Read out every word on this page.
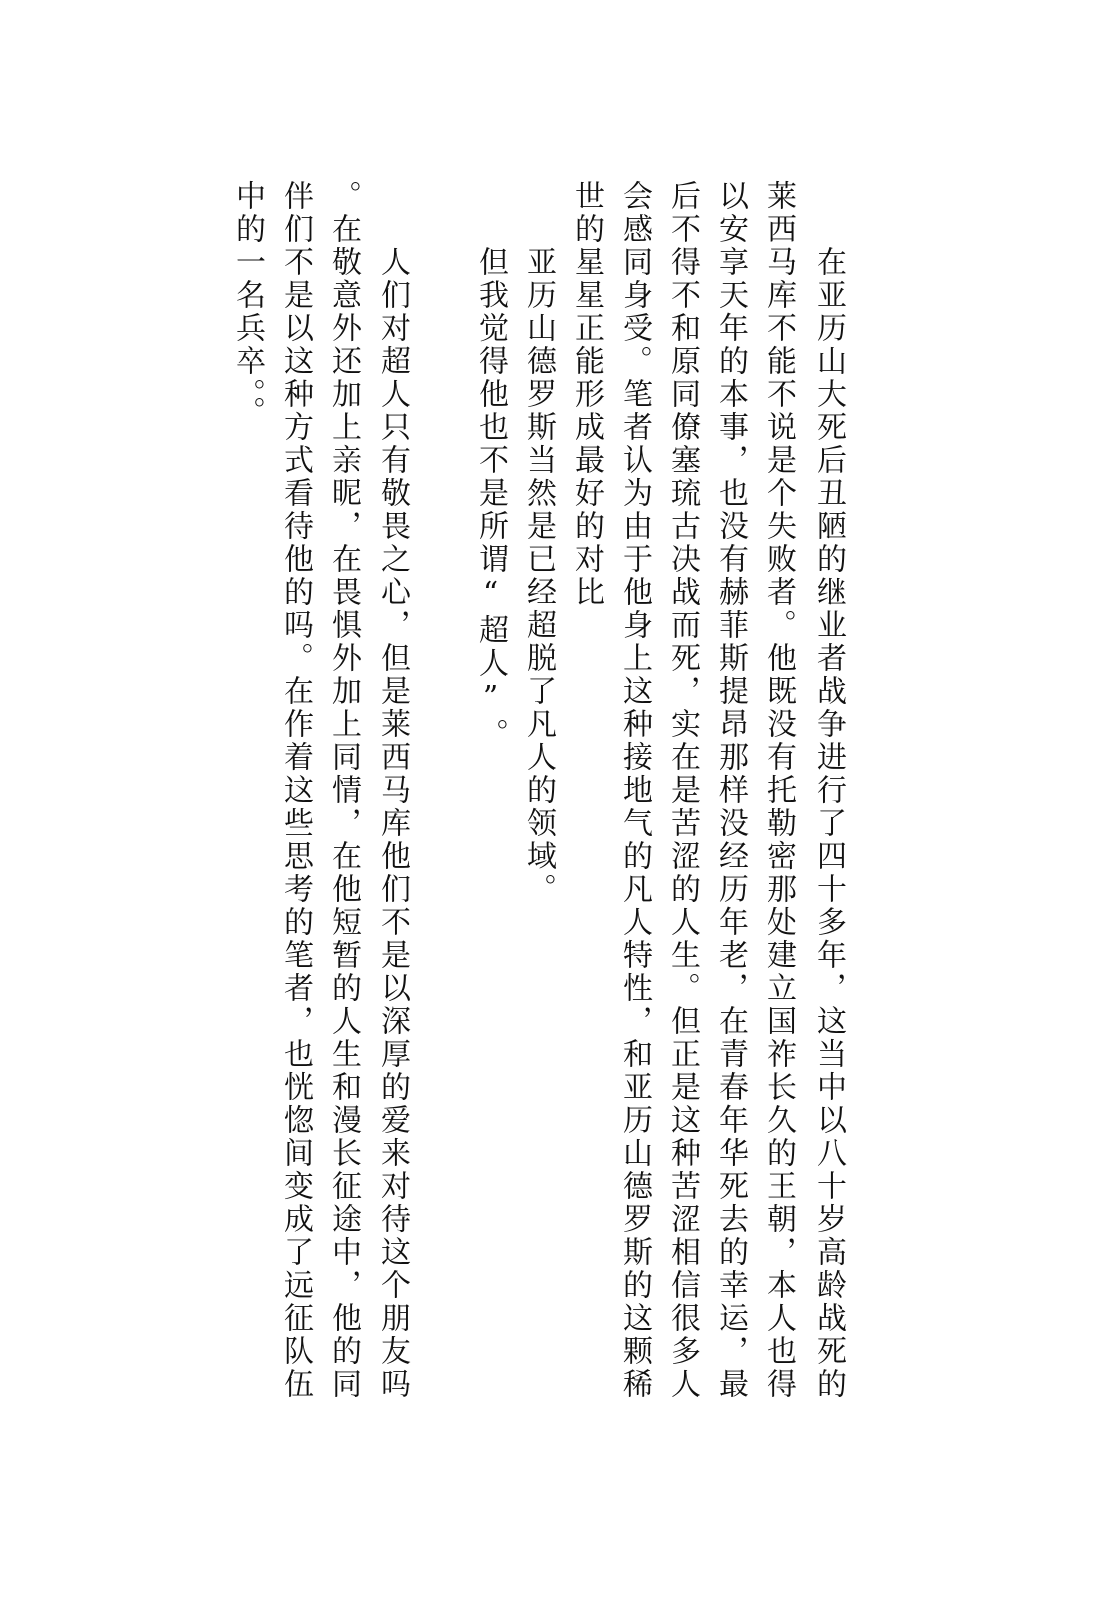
　　在亚历山大死后丑陋的继业者战争进行了四十多年，这当中以八十岁高龄战死的
莱西马库不能不说是个失败者。他既没有托勒密那处建立国祚长久的王朝，本人也得
以安享天年的本事，也没有赫菲斯提昂那样没经历年老，在青春年华死去的幸运，最
后不得不和原同僚塞琉古决战而死，实在是苦涩的人生。但正是这种苦涩相信很多人
会感同身受。笔者认为由于他身上这种接地气的凡人特性，和亚历山德罗斯的这颗稀
世的星星正能形成最好的对比
　　亚历山德罗斯当然是已经超脱了凡人的领域。
　　但我觉得他也不是所谓“超人”。
　　人们对超人只有敬畏之心，但是莱西马库他们不是以深厚的爱来对待这个朋友吗
。在敬意外还加上亲昵，在畏惧外加上同情，在他短暂的人生和漫长征途中，他的同
伴们不是以这种方式看待他的吗。在作着这些思考的笔者，也恍惚间变成了远征队伍
中的一名兵卒。。
